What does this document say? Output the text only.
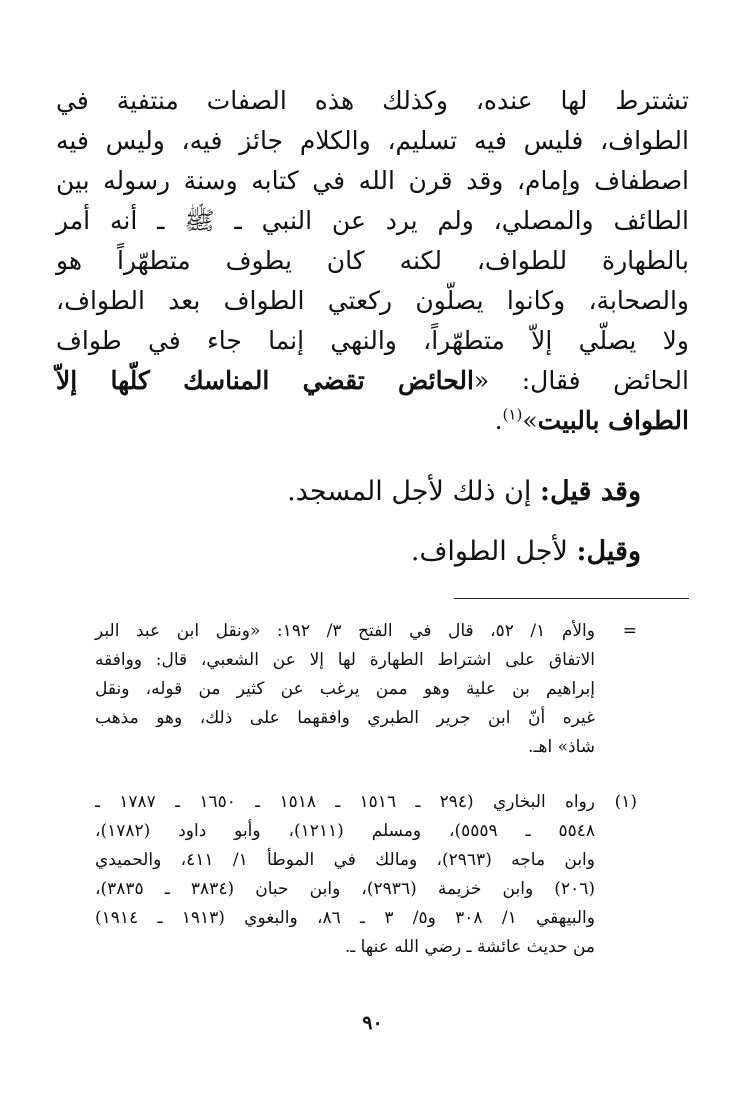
تشترط لها عنده، وكذلك هذه الصفات منتفية في
الطواف، فليس فيه تسليم، والكلام جائز فيه، وليس فيه
اصطفاف وإمام، وقد قرن الله في كتابه وسنة رسوله بين
الطائف والمصلي، ولم يرد عن النبي ـ ﷺ ـ أنه أمر
بالطهارة للطواف، لكنه كان يطوف متطهّراً هو
والصحابة، وكانوا يصلّون ركعتي الطواف بعد الطواف،
ولا يصلّي إلاّ متطهّراً، والنهي إنما جاء في طواف
الحائض فقال: «الحائض تقضي المناسك كلّها إلاّ
الطواف بالبيت»$^{(١)}$.
وقد قيل: إن ذلك لأجل المسجد.
وقيل: لأجل الطواف.
=
والأم ١/ ٥٢، قال في الفتح ٣/ ١٩٢: «ونقل ابن عبد البر
الاتفاق على اشتراط الطهارة لها إلا عن الشعبي، قال: ووافقه
إبراهيم بن علية وهو ممن يرغب عن كثير من قوله، ونقل
غيره أنّ ابن جرير الطبري وافقهما على ذلك، وهو مذهب
شاذ» اهـ.
(١)
رواه البخاري (٢٩٤ ـ ١٥١٦ ـ ١٥١٨ ـ ١٦٥٠ ـ ١٧٨٧ ـ
٥٥٤٨ ـ ٥٥٥٩)، ومسلم (١٢١١)، وأبو داود (١٧٨٢)،
وابن ماجه (٢٩٦٣)، ومالك في الموطأ ١/ ٤١١، والحميدي
(٢٠٦) وابن خزيمة (٢٩٣٦)، وابن حبان (٣٨٣٤ ـ ٣٨٣٥)،
والبيهقي ١/ ٣٠٨ و٥/ ٣ ـ ٨٦، والبغوي (١٩١٣ ـ ١٩١٤)
من حديث عائشة ـ رضي الله عنها ـ.
٩٠
